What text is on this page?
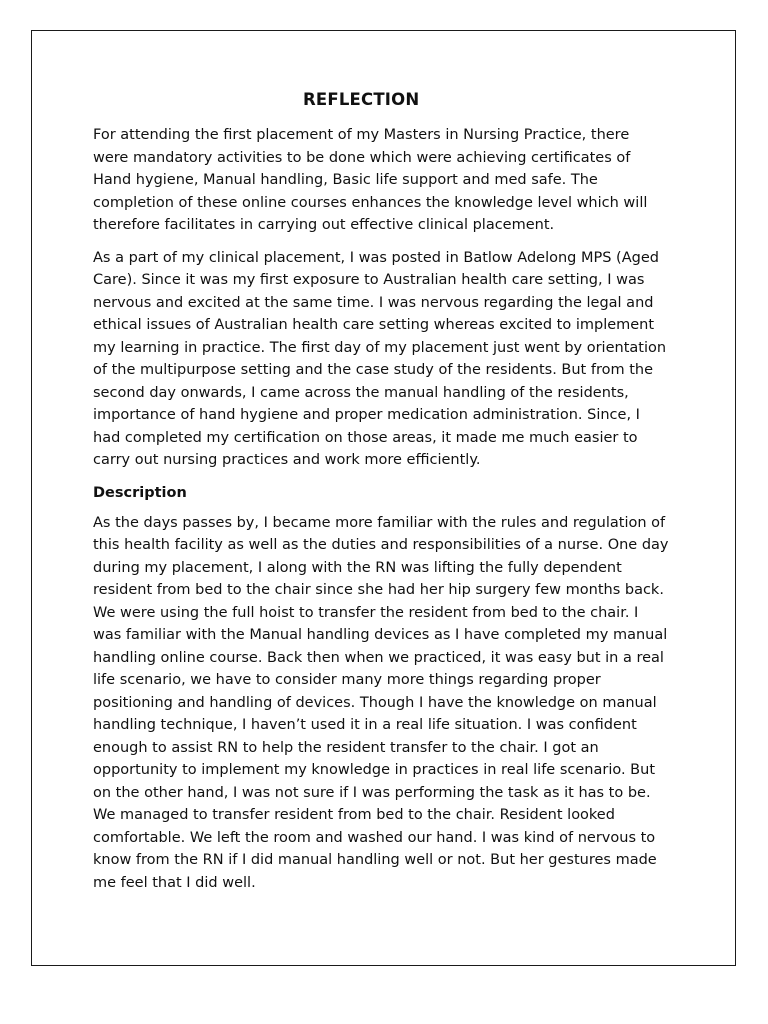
REFLECTION

For attending the first placement of my Masters in Nursing Practice, there
were mandatory activities to be done which were achieving certificates of
Hand hygiene, Manual handling, Basic life support and med safe. The
completion of these online courses enhances the knowledge level which will
therefore facilitates in carrying out effective clinical placement.

As a part of my clinical placement, I was posted in Batlow Adelong MPS (Aged
Care). Since it was my first exposure to Australian health care setting, I was
nervous and excited at the same time. I was nervous regarding the legal and
ethical issues of Australian health care setting whereas excited to implement
my learning in practice. The first day of my placement just went by orientation
of the multipurpose setting and the case study of the residents. But from the
second day onwards, I came across the manual handling of the residents,
importance of hand hygiene and proper medication administration. Since, I
had completed my certification on those areas, it made me much easier to
carry out nursing practices and work more efficiently.

Description

As the days passes by, I became more familiar with the rules and regulation of
this health facility as well as the duties and responsibilities of a nurse. One day
during my placement, I along with the RN was lifting the fully dependent
resident from bed to the chair since she had her hip surgery few months back.
We were using the full hoist to transfer the resident from bed to the chair. I
was familiar with the Manual handling devices as I have completed my manual
handling online course. Back then when we practiced, it was easy but in a real
life scenario, we have to consider many more things regarding proper
positioning and handling of devices. Though I have the knowledge on manual
handling technique, I haven’t used it in a real life situation. I was confident
enough to assist RN to help the resident transfer to the chair. I got an
opportunity to implement my knowledge in practices in real life scenario. But
on the other hand, I was not sure if I was performing the task as it has to be.
We managed to transfer resident from bed to the chair. Resident looked
comfortable. We left the room and washed our hand. I was kind of nervous to
know from the RN if I did manual handling well or not. But her gestures made
me feel that I did well.
